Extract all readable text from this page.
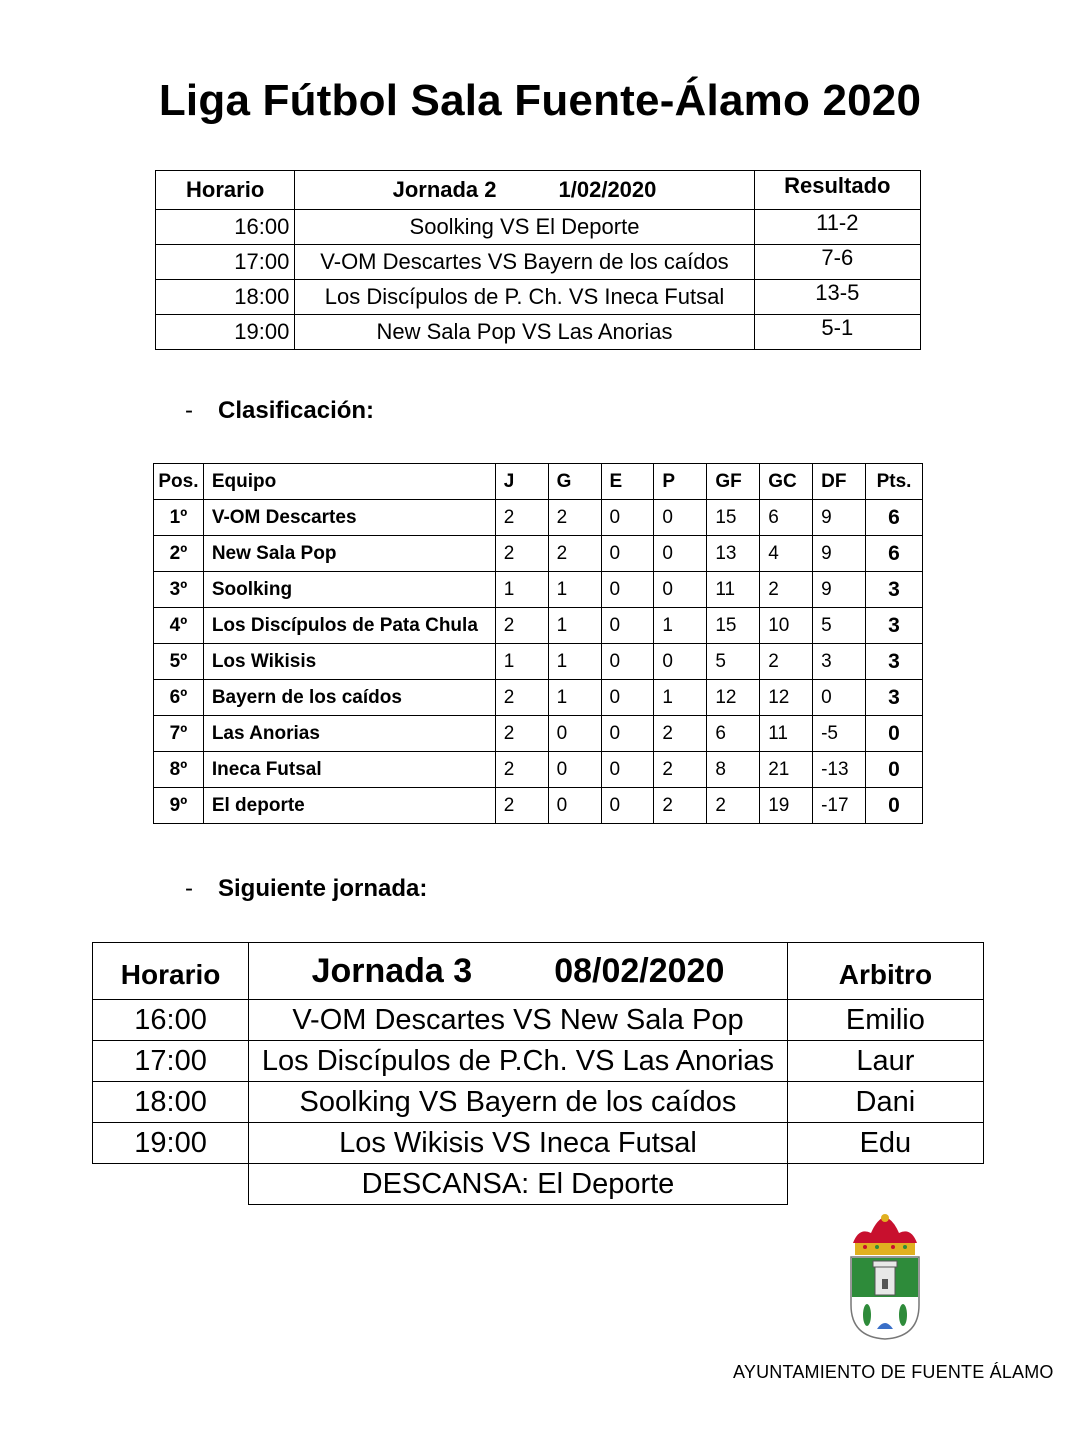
Liga Fútbol Sala Fuente-Álamo 2020
Horario	Jornada 2 1/02/2020	Resultado
16:00	Soolking VS El Deporte	11-2
17:00	V-OM Descartes VS Bayern de los caídos	7-6
18:00	Los Discípulos de P. Ch. VS Ineca Futsal	13-5
19:00	New Sala Pop VS Las Anorias	5-1
- Clasificación:
Pos.	Equipo	J	G	E	P	GF	GC	DF	Pts.
1º	V-OM Descartes	2	2	0	0	15	6	9	6
2º	New Sala Pop	2	2	0	0	13	4	9	6
3º	Soolking	1	1	0	0	11	2	9	3
4º	Los Discípulos de Pata Chula	2	1	0	1	15	10	5	3
5º	Los Wikisis	1	1	0	0	5	2	3	3
6º	Bayern de los caídos	2	1	0	1	12	12	0	3
7º	Las Anorias	2	0	0	2	6	11	-5	0
8º	Ineca Futsal	2	0	0	2	8	21	-13	0
9º	El deporte	2	0	0	2	2	19	-17	0
- Siguiente jornada:
Horario	Jornada 3 08/02/2020	Arbitro
16:00	V-OM Descartes VS New Sala Pop	Emilio
17:00	Los Discípulos de P.Ch. VS Las Anorias	Laur
18:00	Soolking VS Bayern de los caídos	Dani
19:00	Los Wikisis VS Ineca Futsal	Edu
	DESCANSA: El Deporte	
AYUNTAMIENTO DE FUENTE ÁLAMO
